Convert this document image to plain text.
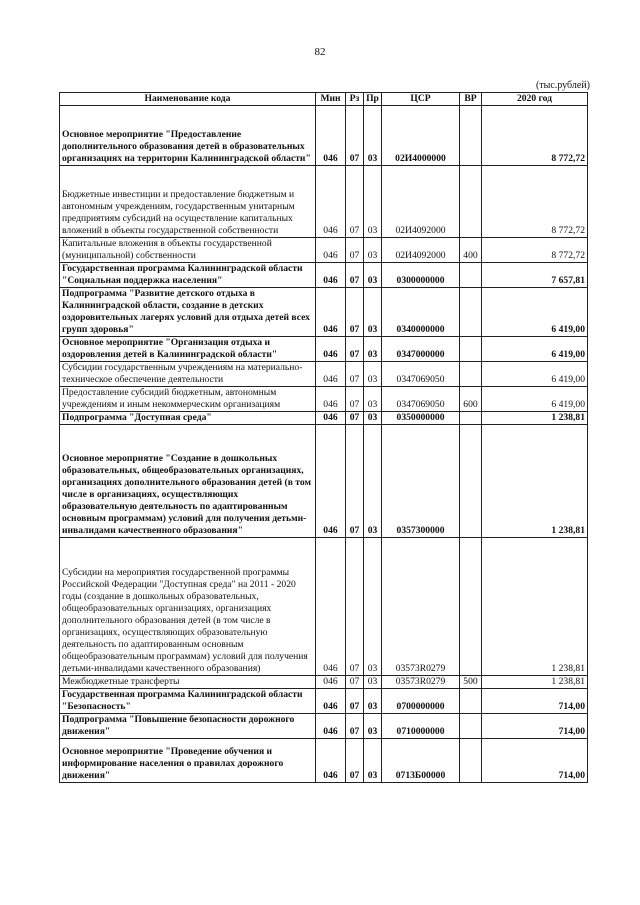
82
(тыс.рублей)
Наименование кода	Мин	Рз	Пр	ЦСР	ВР	2020 год
Основное мероприятие "Предоставление дополнительного образования детей в образовательных организациях на территории Калининградской области"	046	07	03	02И4000000		8 772,72
Бюджетные инвестиции и предоставление бюджетным и автономным учреждениям, государственным унитарным предприятиям субсидий на осуществление капитальных вложений в объекты государственной собственности	046	07	03	02И4092000		8 772,72
Капитальные вложения в объекты государственной (муниципальной) собственности	046	07	03	02И4092000	400	8 772,72
Государственная программа Калининградской области "Социальная поддержка населения"	046	07	03	0300000000		7 657,81
Подпрограмма "Развитие детского отдыха в Калининградской области, создание в детских оздоровительных лагерях условий для отдыха детей всех групп здоровья"	046	07	03	0340000000		6 419,00
Основное мероприятие "Организация отдыха и оздоровления детей в Калининградской области"	046	07	03	0347000000		6 419,00
Субсидии государственным учреждениям на материально-техническое обеспечение деятельности	046	07	03	0347069050		6 419,00
Предоставление субсидий бюджетным, автономным учреждениям и иным некоммерческим организациям	046	07	03	0347069050	600	6 419,00
Подпрограмма "Доступная среда"	046	07	03	0350000000		1 238,81
Основное мероприятие "Создание в дошкольных образовательных, общеобразовательных организациях, организациях дополнительного образования детей (в том числе в организациях, осуществляющих образовательную деятельность по адаптированным основным программам) условий для получения детьми-инвалидами качественного образования"	046	07	03	0357300000		1 238,81
Субсидии на мероприятия государственной программы Российской Федерации "Доступная среда" на 2011 - 2020 годы (создание в дошкольных образовательных, общеобразовательных организациях, организациях дополнительного образования детей (в том числе в организациях, осуществляющих образовательную деятельность по адаптированным основным общеобразовательным программам) условий для получения детьми-инвалидами качественного образования)	046	07	03	03573R0279		1 238,81
Межбюджетные трансферты	046	07	03	03573R0279	500	1 238,81
Государственная программа Калининградской области "Безопасность"	046	07	03	0700000000		714,00
Подпрограмма "Повышение безопасности дорожного движения"	046	07	03	0710000000		714,00
Основное мероприятие "Проведение обучения и информирование населения о правилах дорожного движения"	046	07	03	0713Б00000		714,00
